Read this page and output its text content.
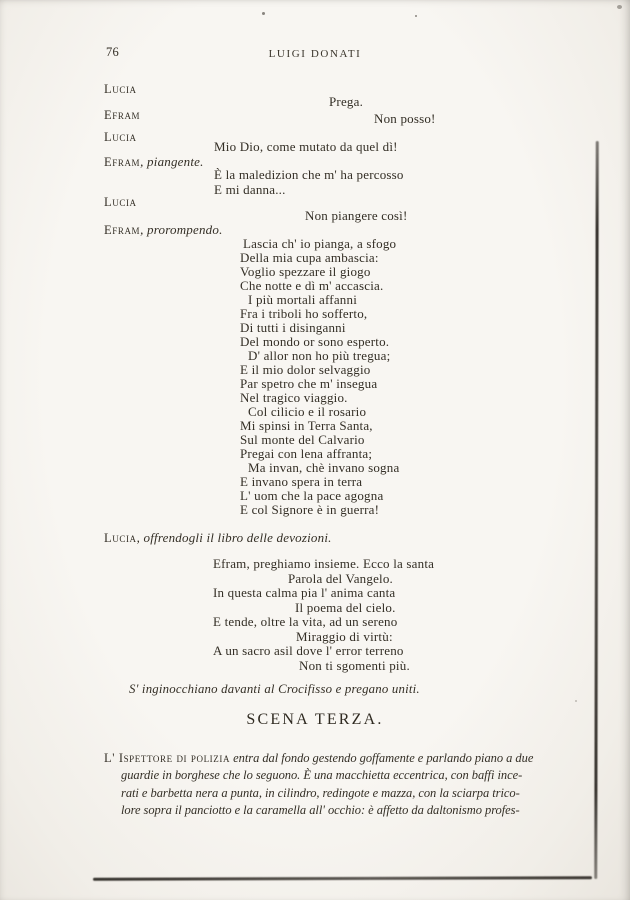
76	LUIGI DONATI
Lucia
Prega.
Efram	Non posso!
Lucia
Mio Dio, come mutato da quel dì!
Efram, piangente.
È la maledizion che m' ha percosso
E mi danna...
Lucia
Non piangere così!
Efram, prorompendo.
Lascia ch' io pianga, a sfogo
Della mia cupa ambascia:
Voglio spezzare il giogo
Che notte e dì m' accascia.
I più mortali affanni
Fra i triboli ho sofferto,
Di tutti i disinganni
Del mondo or sono esperto.
D' allor non ho più tregua;
E il mio dolor selvaggio
Par spetro che m' insegua
Nel tragico viaggio.
Col cilicio e il rosario
Mi spinsi in Terra Santa,
Sul monte del Calvario
Pregai con lena affranta;
Ma invan, chè invano sogna
E invano spera in terra
L' uom che la pace agogna
E col Signore è in guerra!
Lucia, offrendogli il libro delle devozioni.
Efram, preghiamo insieme. Ecco la santa
Parola del Vangelo.
In questa calma pia l' anima canta
Il poema del cielo.
E tende, oltre la vita, ad un sereno
Miraggio di virtù:
A un sacro asil dove l' error terreno
Non ti sgomenti più.
S' inginocchiano davanti al Crocifisso e pregano uniti.
SCENA TERZA.
L' Ispettore di polizia entra dal fondo gestendo goffamente e parlando piano a due
guardie in borghese che lo seguono. È una macchietta eccentrica, con baffi ince-
rati e barbetta nera a punta, in cilindro, redingote e mazza, con la sciarpa trico-
lore sopra il panciotto e la caramella all' occhio: è affetto da daltonismo profes-
